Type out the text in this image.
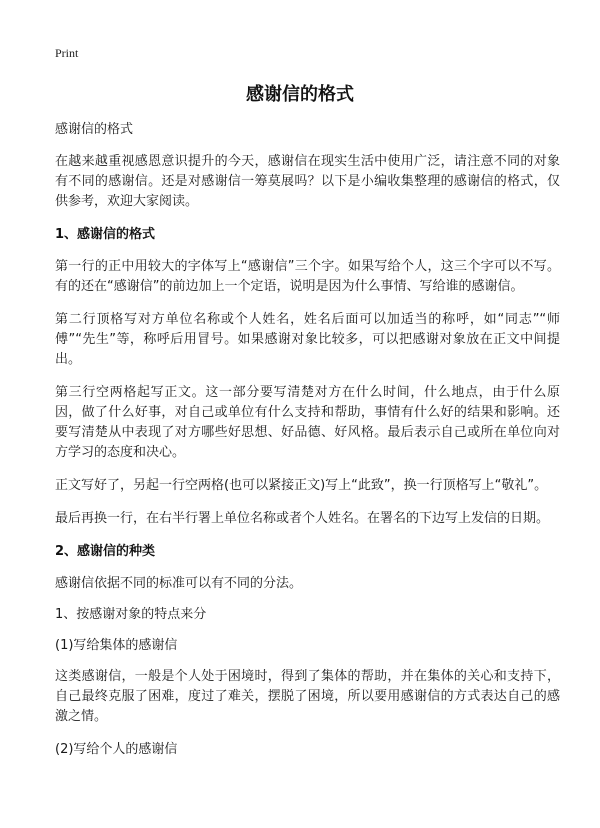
Print
感谢信的格式

感谢信的格式

在越来越重视感恩意识提升的今天，感谢信在现实生活中使用广泛，请注意不同的对象有不同的感谢信。还是对感谢信一筹莫展吗？以下是小编收集整理的感谢信的格式，仅供参考，欢迎大家阅读。

1、感谢信的格式

第一行的正中用较大的字体写上“感谢信”三个字。如果写给个人，这三个字可以不写。有的还在“感谢信”的前边加上一个定语，说明是因为什么事情、写给谁的感谢信。

第二行顶格写对方单位名称或个人姓名，姓名后面可以加适当的称呼，如“同志”“师傅”“先生”等，称呼后用冒号。如果感谢对象比较多，可以把感谢对象放在正文中间提出。

第三行空两格起写正文。这一部分要写清楚对方在什么时间，什么地点，由于什么原因，做了什么好事，对自己或单位有什么支持和帮助，事情有什么好的结果和影响。还要写清楚从中表现了对方哪些好思想、好品德、好风格。最后表示自己或所在单位向对方学习的态度和决心。

正文写好了，另起一行空两格(也可以紧接正文)写上“此致”，换一行顶格写上“敬礼”。

最后再换一行，在右半行署上单位名称或者个人姓名。在署名的下边写上发信的日期。

2、感谢信的种类

感谢信依据不同的标准可以有不同的分法。

1、按感谢对象的特点来分

(1)写给集体的感谢信

这类感谢信，一般是个人处于困境时，得到了集体的帮助，并在集体的关心和支持下，自己最终克服了困难，度过了难关，摆脱了困境，所以要用感谢信的方式表达自己的感激之情。

(2)写给个人的感谢信
